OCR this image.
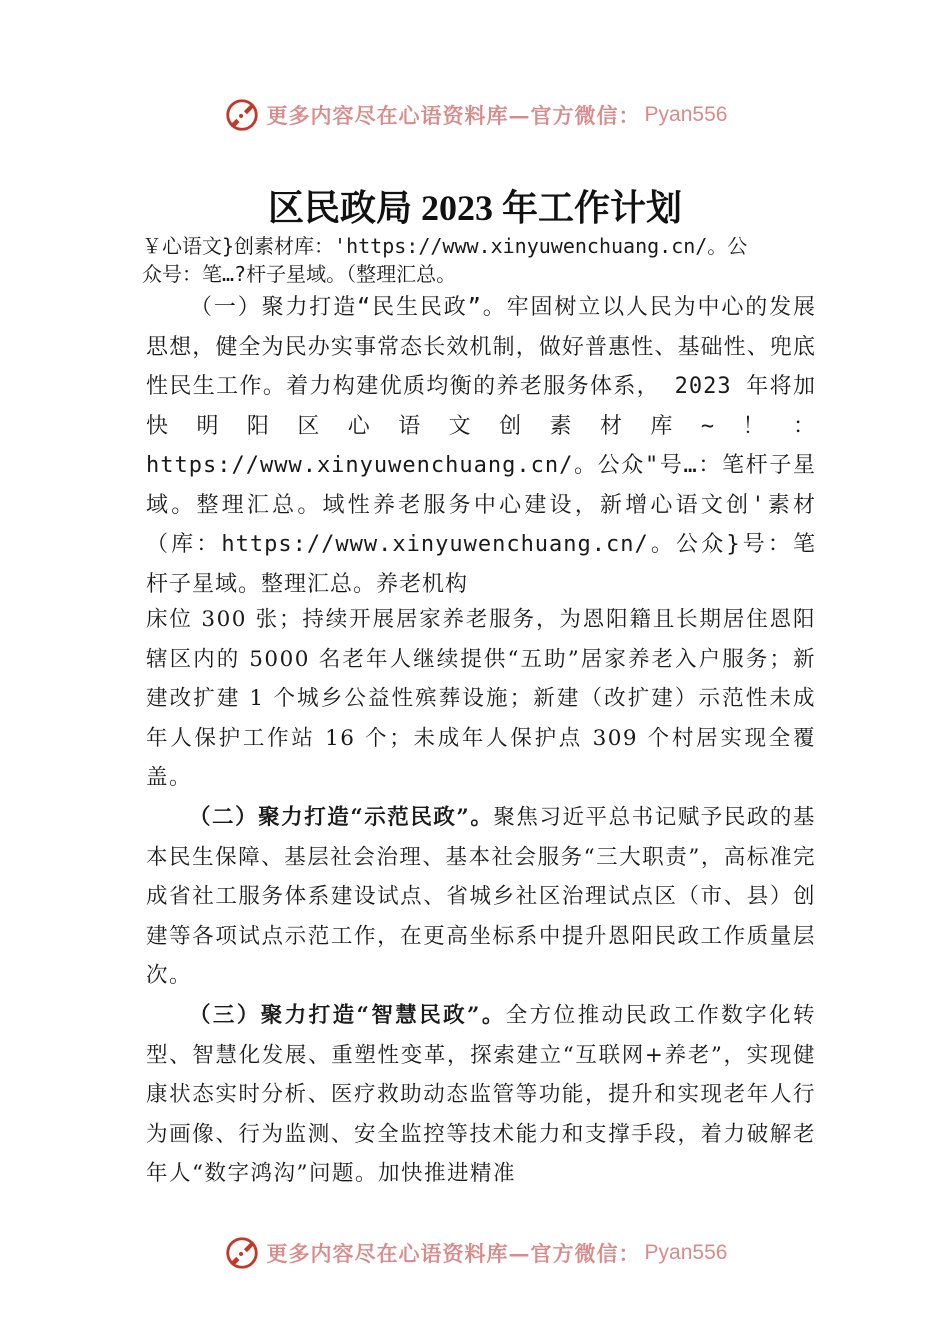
更多内容尽在心语资料库—官方微信： Pyan556
区民政局 2023 年工作计划
￥心语文}创素材库：'https://www.xinyuwenchuang.cn/。公
众号：笔…?杆子星域。（整理汇总。

（一）聚力打造“民生民政”。牢固树立以人民为中心的发展思想，健全为民办实事常态长效机制，做好普惠性、基础性、兜底性民生工作。着力构建优质均衡的养老服务体系， 2023 年将加快明阳区心语文创素材库~！：https://www.xinyuwenchuang.cn/。公众"号…：笔杆子星域。整理汇总。域性养老服务中心建设，新增心语文创'素材（库：https://www.xinyuwenchuang.cn/。公众}号：笔杆子星域。整理汇总。养老机构

床位 300 张；持续开展居家养老服务，为恩阳籍且长期居住恩阳辖区内的 5000 名老年人继续提供“五助”居家养老入户服务；新建改扩建 1 个城乡公益性殡葬设施；新建（改扩建）示范性未成年人保护工作站 16 个；未成年人保护点 309 个村居实现全覆盖。

（二）聚力打造“示范民政”。聚焦习近平总书记赋予民政的基本民生保障、基层社会治理、基本社会服务“三大职责”，高标准完成省社工服务体系建设试点、省城乡社区治理试点区（市、县）创建等各项试点示范工作，在更高坐标系中提升恩阳民政工作质量层次。

（三）聚力打造“智慧民政”。全方位推动民政工作数字化转型、智慧化发展、重塑性变革，探索建立“互联网+养老”，实现健康状态实时分析、医疗救助动态监管等功能，提升和实现老年人行为画像、行为监测、安全监控等技术能力和支撑手段，着力破解老年人“数字鸿沟”问题。加快推进精准

更多内容尽在心语资料库—官方微信： Pyan556
